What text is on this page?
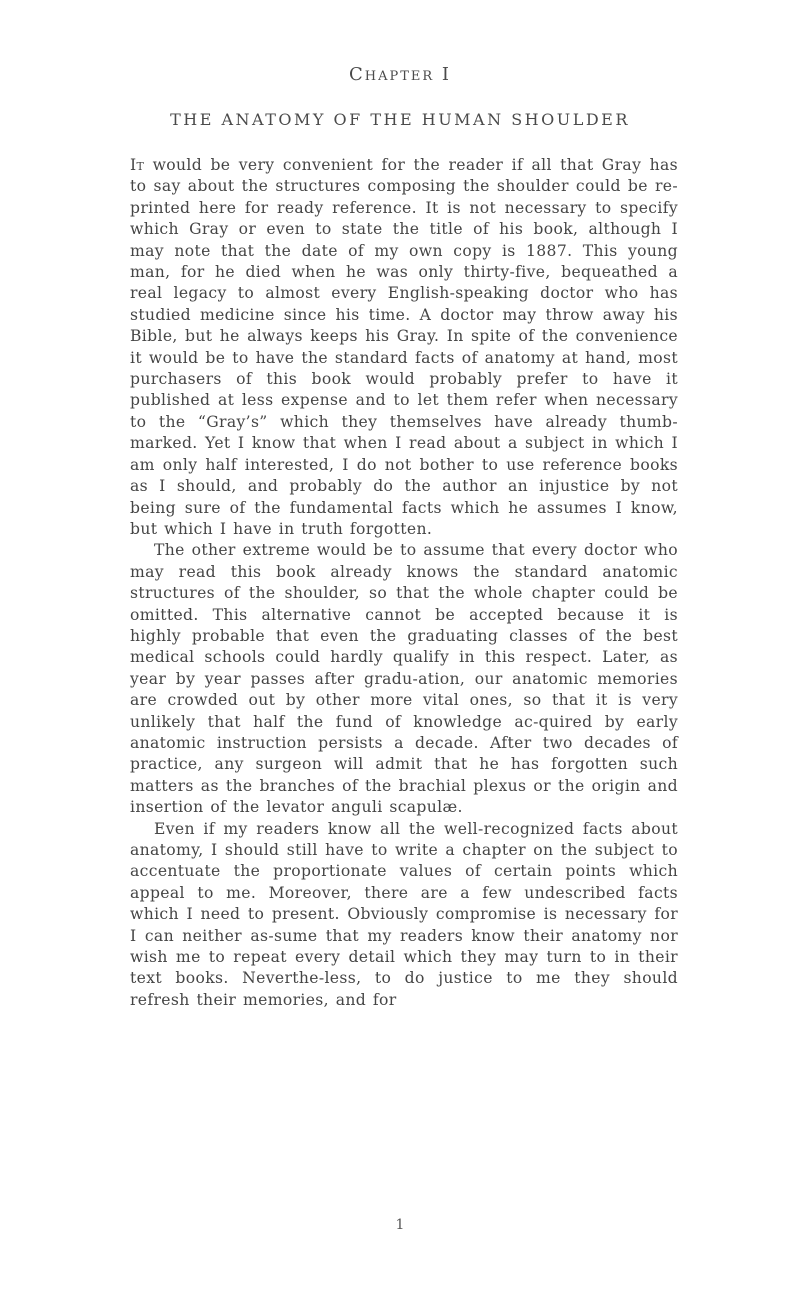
Chapter I
THE ANATOMY OF THE HUMAN SHOULDER

It would be very convenient for the reader if all that Gray has to say about the structures composing the shoulder could be re-printed here for ready reference. It is not necessary to specify which Gray or even to state the title of his book, although I may note that the date of my own copy is 1887. This young man, for he died when he was only thirty-five, bequeathed a real legacy to almost every English-speaking doctor who has studied medicine since his time. A doctor may throw away his Bible, but he always keeps his Gray. In spite of the convenience it would be to have the standard facts of anatomy at hand, most purchasers of this book would probably prefer to have it published at less expense and to let them refer when necessary to the “Gray’s” which they themselves have already thumb-marked. Yet I know that when I read about a subject in which I am only half interested, I do not bother to use reference books as I should, and probably do the author an injustice by not being sure of the fundamental facts which he assumes I know, but which I have in truth forgotten.

The other extreme would be to assume that every doctor who may read this book already knows the standard anatomic structures of the shoulder, so that the whole chapter could be omitted. This alternative cannot be accepted because it is highly probable that even the graduating classes of the best medical schools could hardly qualify in this respect. Later, as year by year passes after gradu-ation, our anatomic memories are crowded out by other more vital ones, so that it is very unlikely that half the fund of knowledge ac-quired by early anatomic instruction persists a decade. After two decades of practice, any surgeon will admit that he has forgotten such matters as the branches of the brachial plexus or the origin and insertion of the levator anguli scapulæ.

Even if my readers know all the well-recognized facts about anatomy, I should still have to write a chapter on the subject to accentuate the proportionate values of certain points which appeal to me. Moreover, there are a few undescribed facts which I need to present. Obviously compromise is necessary for I can neither as-sume that my readers know their anatomy nor wish me to repeat every detail which they may turn to in their text books. Neverthe-less, to do justice to me they should refresh their memories, and for

1
